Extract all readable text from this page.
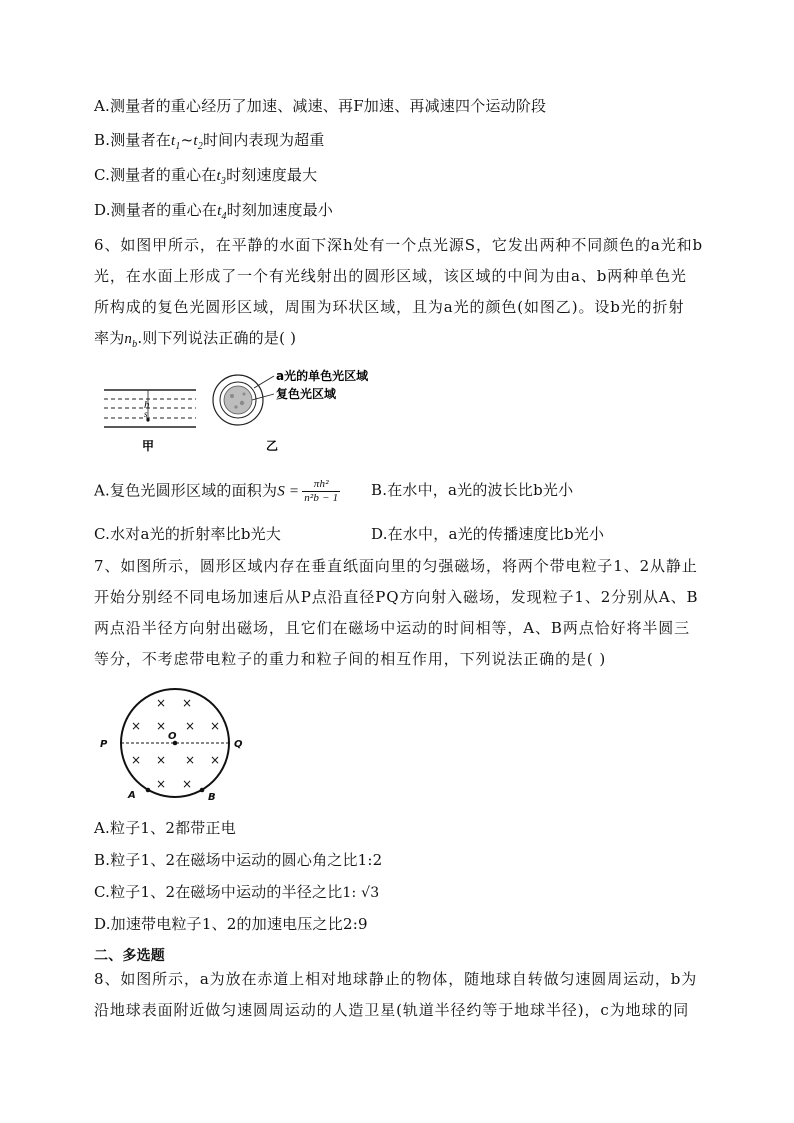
A.测量者的重心经历了加速、减速、再F加速、再减速四个运动阶段
B.测量者在$t_1\sim t_2$时间内表现为超重
C.测量者的重心在$t_3$时刻速度最大
D.测量者的重心在$t_4$时刻加速度最小
6、如图甲所示，在平静的水面下深h处有一个点光源S，它发出两种不同颜色的a光和b
光，在水面上形成了一个有光线射出的圆形区域，该区域的中间为由a、b两种单色光
所构成的复色光圆形区域，周围为环状区域，且为a光的颜色(如图乙)。设b光的折射
率为$n_b$.则下列说法正确的是( )
h
s
甲
a光的单色光区域
复色光区域
乙
A.复色光圆形区域的面积为$S = \frac{\text{πh²}}{\text{n²b − 1}} B$.在水中，a光的波长比b光小
C.水对a光的折射率比b光大	D.在水中，a光的传播速度比b光小
7、如图所示，圆形区域内存在垂直纸面向里的匀强磁场，将两个带电粒子1、2从静止
开始分别经不同电场加速后从P点沿直径PQ方向射入磁场，发现粒子1、2分别从A、B
两点沿半径方向射出磁场，且它们在磁场中运动的时间相等，A、B两点恰好将半圆三
等分，不考虑带电粒子的重力和粒子间的相互作用，下列说法正确的是( )
× ×
× × × ×
× × × ×
× ×
O
P	Q
A	B
A.粒子1、2都带正电
B.粒子1、2在磁场中运动的圆心角之比1:2
C.粒子1、2在磁场中运动的半径之比1: √3
D.加速带电粒子1、2的加速电压之比2:9
二、多选题
8、如图所示，a为放在赤道上相对地球静止的物体，随地球自转做匀速圆周运动，b为
沿地球表面附近做匀速圆周运动的人造卫星(轨道半径约等于地球半径)，c为地球的同
